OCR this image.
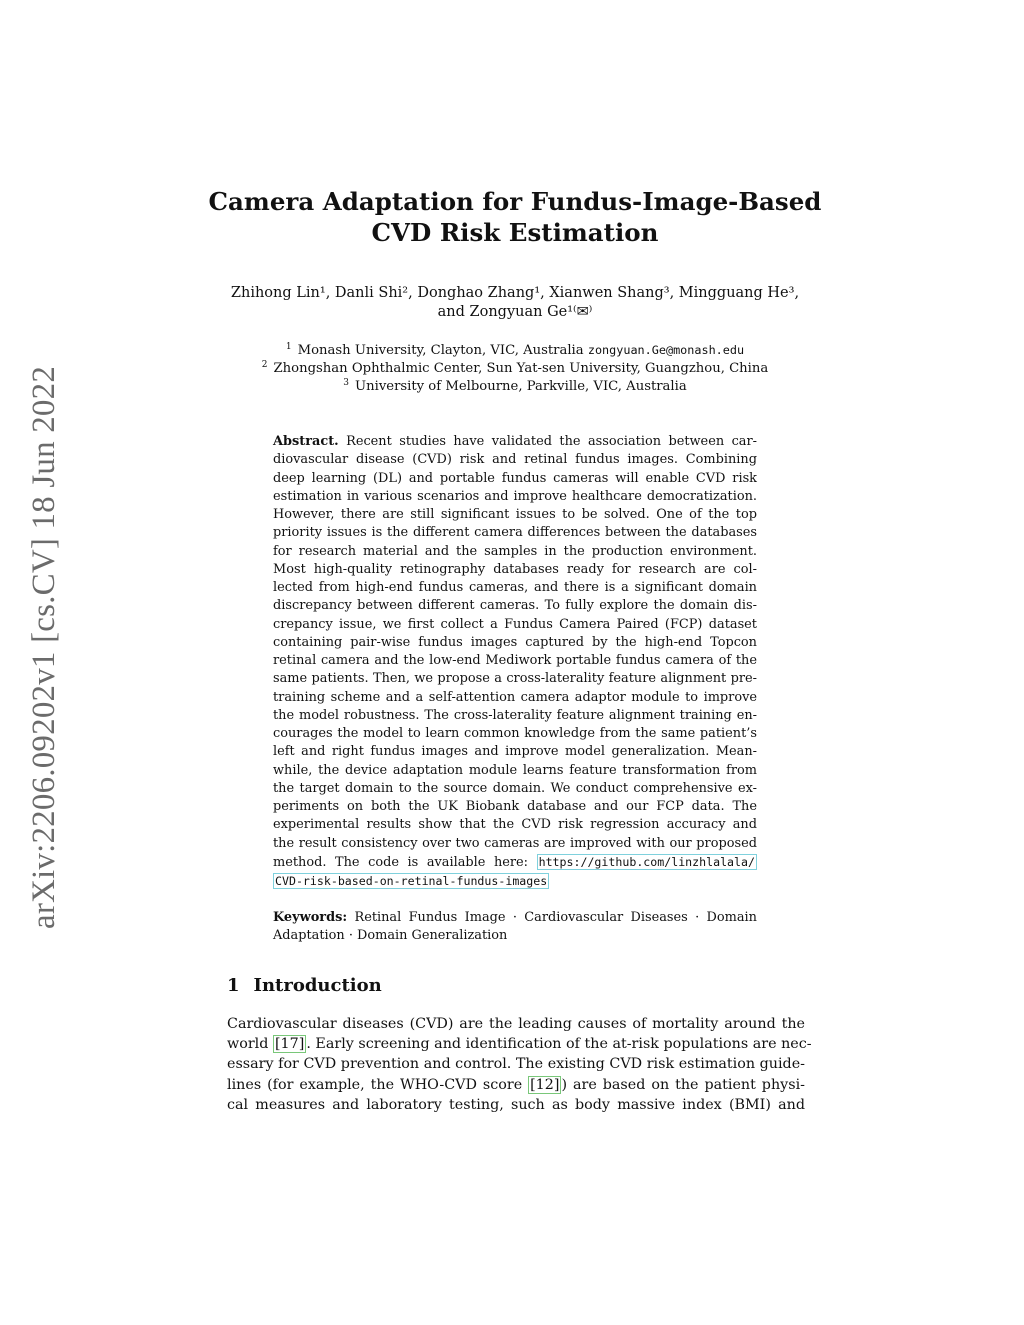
arXiv:2206.09202v1 [cs.CV] 18 Jun 2022
Camera Adaptation for Fundus-Image-Based
CVD Risk Estimation
Zhihong Lin¹, Danli Shi², Donghao Zhang¹, Xianwen Shang³, Mingguang He³,
and Zongyuan Ge¹⁽✉⁾
$^1$ Monash University, Clayton, VIC, Australia zongyuan.Ge@monash.edu
$^2$ Zhongshan Ophthalmic Center, Sun Yat-sen University, Guangzhou, China
$^3$ University of Melbourne, Parkville, VIC, Australia
Abstract. Recent studies have validated the association between car-
diovascular disease (CVD) risk and retinal fundus images. Combining
deep learning (DL) and portable fundus cameras will enable CVD risk
estimation in various scenarios and improve healthcare democratization.
However, there are still significant issues to be solved. One of the top
priority issues is the different camera differences between the databases
for research material and the samples in the production environment.
Most high-quality retinography databases ready for research are col-
lected from high-end fundus cameras, and there is a significant domain
discrepancy between different cameras. To fully explore the domain dis-
crepancy issue, we first collect a Fundus Camera Paired (FCP) dataset
containing pair-wise fundus images captured by the high-end Topcon
retinal camera and the low-end Mediwork portable fundus camera of the
same patients. Then, we propose a cross-laterality feature alignment pre-
training scheme and a self-attention camera adaptor module to improve
the model robustness. The cross-laterality feature alignment training en-
courages the model to learn common knowledge from the same patient’s
left and right fundus images and improve model generalization. Mean-
while, the device adaptation module learns feature transformation from
the target domain to the source domain. We conduct comprehensive ex-
periments on both the UK Biobank database and our FCP data. The
experimental results show that the CVD risk regression accuracy and
the result consistency over two cameras are improved with our proposed
method. The code is available here: https://github.com/linzhlalala/
CVD-risk-based-on-retinal-fundus-images
Keywords: Retinal Fundus Image · Cardiovascular Diseases · Domain
Adaptation · Domain Generalization
1 Introduction
Cardiovascular diseases (CVD) are the leading causes of mortality around the
world [17] . Early screening and identification of the at-risk populations are nec-
essary for CVD prevention and control. The existing CVD risk estimation guide-
lines (for example, the WHO-CVD score [12] ) are based on the patient physi-
cal measures and laboratory testing, such as body massive index (BMI) and
